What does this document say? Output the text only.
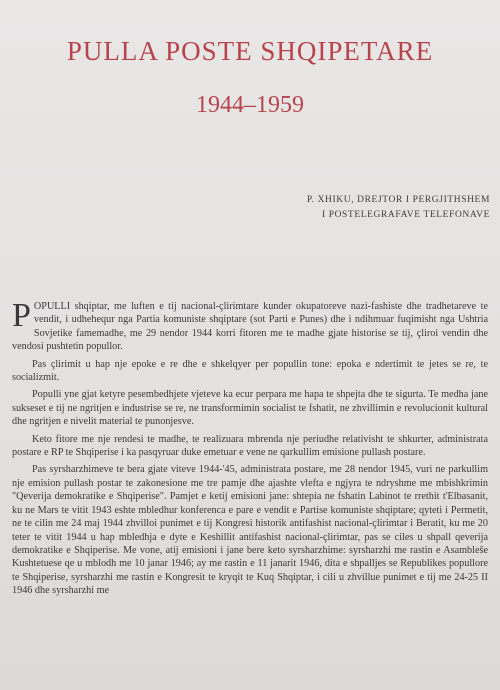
PULLA POSTE SHQIPETARE
1944–1959
P. XHIKU, DREJTOR I PERGJITHSHEM
I POSTELEGRAFAVE TELEFONAVE

POPULLI shqiptar, me luften e tij nacional-çlirimtare kunder okupatoreve nazi-fashiste dhe tradhetareve te vendit, i udhehequr nga Partia komuniste shqiptare (sot Parti e Punes) dhe i ndihmuar fuqimisht nga Ushtria Sovjetike famemadhe, me 29 nendor 1944 korri fitoren me te madhe gjate historise se tij, çliroi vendin dhe vendosi pushtetin popullor.

Pas çlirimit u hap nje epoke e re dhe e shkelqyer per popullin tone: epoka e ndertimit te jetes se re, te socializmit.

Populli yne gjat ketyre pesembedhjete vjeteve ka ecur perpara me hapa te shpejta dhe te sigurta. Te medha jane sukseset e tij ne ngritjen e industrise se re, ne transformimin socialist te fshatit, ne zhvillimin e revolucionit kultural dhe ngritjen e nivelit material te punonjesve.

Keto fitore me nje rendesi te madhe, te realizuara mbrenda nje periudhe relativisht te shkurter, administrata postare e RP te Shqiperise i ka pasqyruar duke emetuar e vene ne qarkullim emisione pullash postare.

Pas syrsharzhimeve te bera gjate viteve 1944-'45, administrata postare, me 28 nendor 1945, vuri ne parkullim nje emision pullash postar te zakonesione me tre pamje dhe ajashte vlefta e ngjyra te ndryshme me mbishkrimin "Qeverija demokratike e Shqiperise". Pamjet e ketij emisioni jane: shtepia ne fshatin Labinot te rrethit t'Elbasanit, ku ne Mars te vitit 1943 eshte mbledhur konferenca e pare e vendit e Partise komuniste shqiptare; qyteti i Permetit, ne te cilin me 24 maj 1944 zhvilloi punimet e tij Kongresi historik antifashist nacional-çlirimtar i Beratit, ku me 20 teter te vitit 1944 u hap mbledhja e dyte e Keshillit antifashist nacional-çlirimtar, pas se ciles u shpall qeverija demokratike e Shqiperise. Me vone, atij emisioni i jane bere keto syrsharzhime: syrsharzhi me rastin e Asambleše Kushtetuese qe u mblodh me 10 janar 1946; ay me rastin e 11 janarit 1946, dita e shpalljes se Republikes popullore te Shqiperise, syrsharzhi me rastin e Kongresit te kryqit te Kuq Shqiptar, i cili u zhvillue punimet e tij me 24-25 II 1946 dhe syrsharzhi me
